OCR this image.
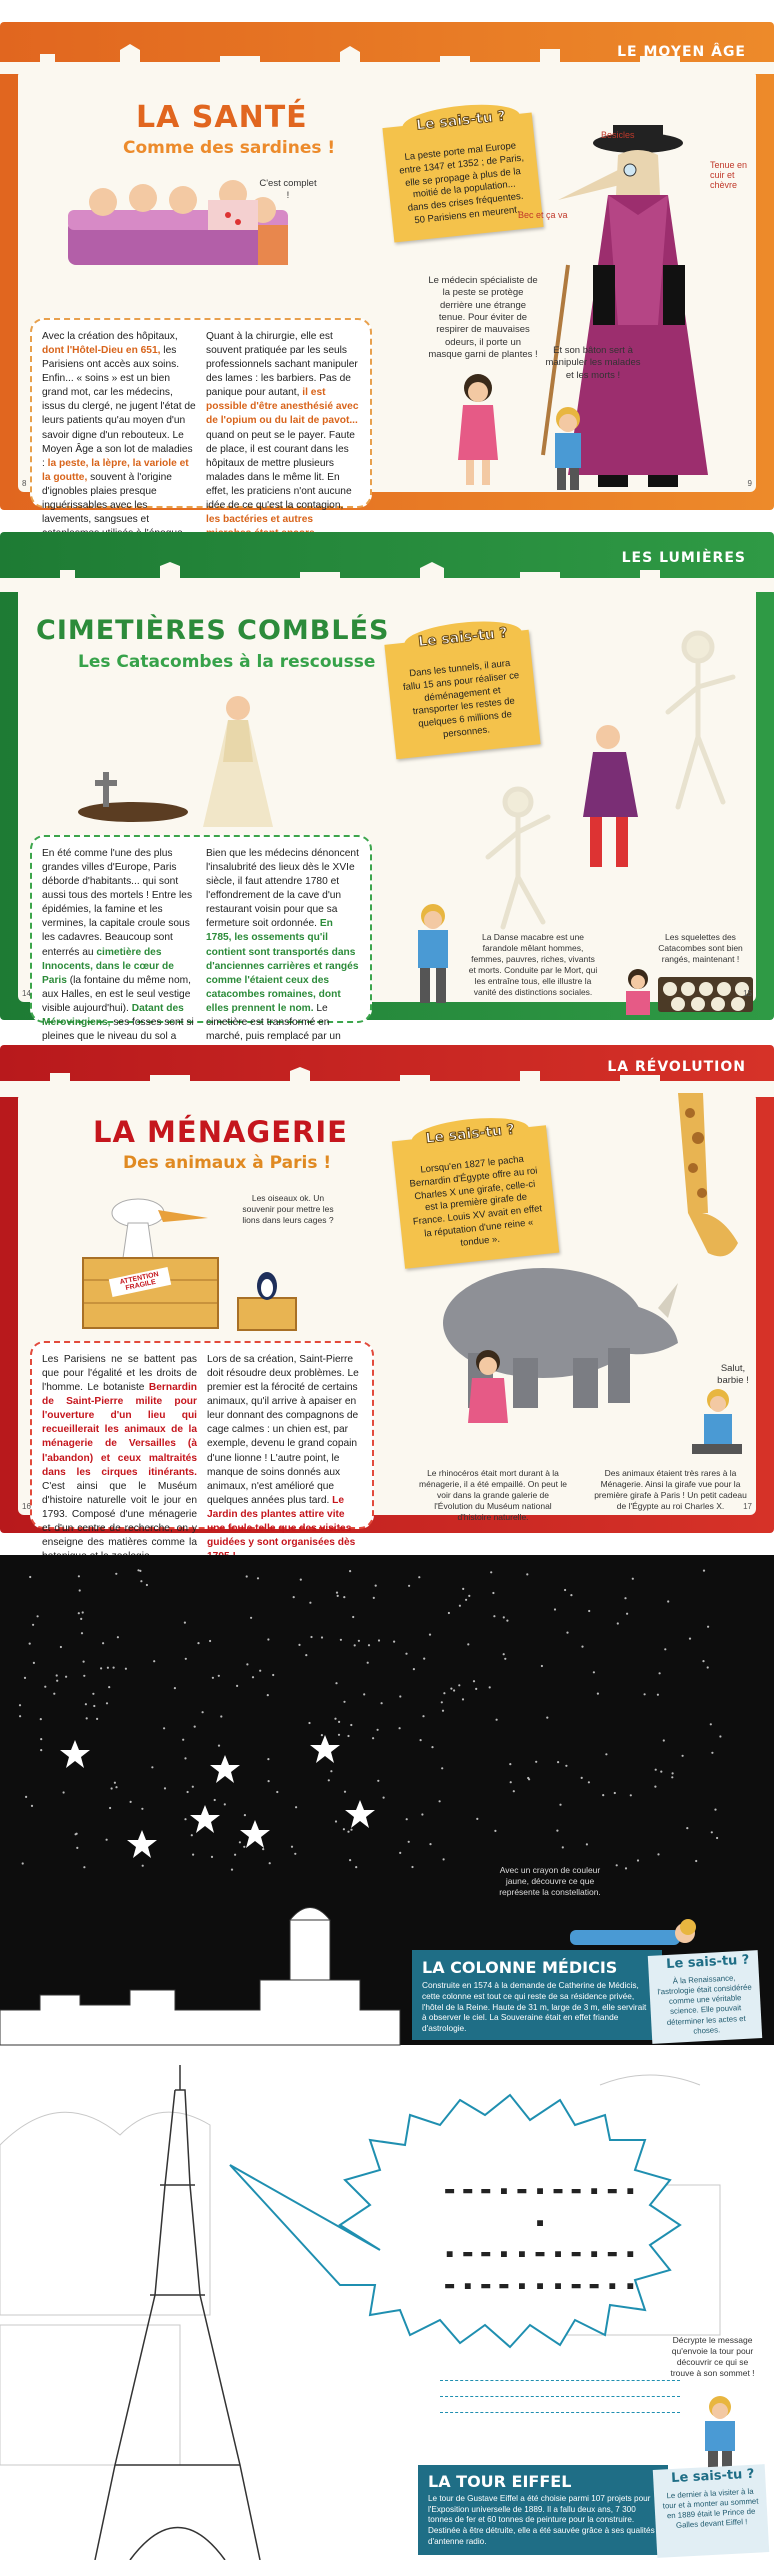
LE MOYEN ÂGE
LA SANTÉ
Comme des sardines !
C'est complet !
Avec la création des hôpitaux, dont l'Hôtel-Dieu en 651, les Parisiens ont accès aux soins. Enfin... « soins » est un bien grand mot, car les médecins, issus du clergé, ne jugent l'état de leurs patients qu'au moyen d'un savoir digne d'un rebouteux. Le Moyen Âge a son lot de maladies : la peste, la lèpre, la variole et la goutte, souvent à l'origine d'ignobles plaies presque inguérissables avec les lavements, sangsues et
Quant à la chirurgie, elle est souvent pratiquée par les seuls professionnels sachant manipuler des lames : les barbiers. Pas de panique pour autant, il est possible d'être anesthésié avec de l'opium ou du lait de pavot... quand on peut se le payer. Faute de place, il est courant dans les hôpitaux de mettre plusieurs malades dans le même lit. En effet, les praticiens n'ont aucune idée de ce qu'est la contagion, les bactéries et autres
Le sais-tu ?
La peste porte mal Europe entre 1347 et 1352 ; de Paris, elle se propage à plus de la moitié de la population... dans des crises fréquentes. 50 Parisiens en meurent.
Besicles
Tenue en cuir et chèvre
Bec et ça va
Le médecin spécialiste de la peste se protège derrière une étrange tenue. Pour éviter de respirer de mauvaises odeurs, il porte un masque garni de plantes !	Et son bâton sert à manipuler les malades et les morts !
8	9
LES LUMIÈRES
CIMETIÈRES COMBLÉS
Les Catacombes à la rescousse
En été comme l'une des plus grandes villes d'Europe, Paris déborde d'habitants... qui sont aussi tous des mortels ! Entre les épidémies, la famine et les vermines, la capitale croule sous les cadavres. Beaucoup sont enterrés au cimetière des Innocents, dans le cœur de Paris (la fontaine du même nom, aux Halles, en est le seul vestige visible aujourd'hui). Datant des Mérovingiens, ses fosses sont si pleines que le niveau du sol a
Bien que les médecins dénoncent l'insalubrité des lieux dès le XVIe siècle, il faut attendre 1780 et l'effondrement de la cave d'un restaurant voisin pour que sa fermeture soit ordonnée. En 1785, les ossements qu'il contient sont transportés dans d'anciennes carrières et rangés comme l'étaient ceux des catacombes romaines, dont elles prennent le nom. Le cimetière est transformé en marché, puis remplacé par un
Le sais-tu ?
Dans les tunnels, il aura fallu 15 ans pour réaliser ce déménagement et transporter les restes de quelques 6 millions de personnes.
La Danse macabre est une farandole mêlant hommes, femmes, pauvres, riches, vivants et morts. Conduite par le Mort, qui les entraîne tous, elle illustre la vanité des distinctions sociales.
Les squelettes des Catacombes sont bien rangés, maintenant !
14	15
LA RÉVOLUTION
LA MÉNAGERIE
Des animaux à Paris !
ATTENTION FRAGILE
Les oiseaux ok. Un souvenir pour mettre les lions dans leurs cages ?
Les Parisiens ne se battent pas que pour l'égalité et les droits de l'homme. Le botaniste Bernardin de Saint-Pierre milite pour l'ouverture d'un lieu qui recueillerait les animaux de la ménagerie de Versailles (à l'abandon) et ceux maltraités dans les cirques itinérants. C'est ainsi que le Muséum d'histoire naturelle voit le jour en 1793. Composé d'une ménagerie et d'un centre de recherche, on y enseigne des matières comme la
Lors de sa création, Saint-Pierre doit résoudre deux problèmes. Le premier est la férocité de certains animaux, qu'il arrive à apaiser en leur donnant des compagnons de cage calmes : un chien est, par exemple, devenu le grand copain d'une lionne ! L'autre point, le manque de soins donnés aux animaux, n'est amélioré que quelques années plus tard. Le Jardin des plantes attire vite une foule telle que des visites guidées y sont organisées dès
Le sais-tu ?
Lorsqu'en 1827 le pacha Bernardin d'Égypte offre au roi Charles X une girafe, celle-ci est la première girafe de France. Louis XV avait en effet la réputation d'une reine « tondue ».
Salut, barbie !
Le rhinocéros était mort durant à la ménagerie, il a été empaillé. On peut le voir dans la grande galerie de l'Évolution du Muséum national d'histoire naturelle.
Des animaux étaient très rares à la Ménagerie. Ainsi la girafe vue pour la première girafe à Paris ! Un petit cadeau de l'Égypte au roi Charles X.
16	17
Avec un crayon de couleur jaune, découvre ce que représente la constellation.
LA COLONNE MÉDICIS
Construite en 1574 à la demande de Catherine de Médicis, cette colonne est tout ce qui reste de sa résidence privée, l'hôtel de la Reine. Haute de 31 m, large de 3 m, elle servirait à observer le ciel. La Souveraine était en effet friande d'astrologie.
Le sais-tu ?
À la Renaissance, l'astrologie était considérée comme une véritable science. Elle pouvait déterminer les actes et choses.
▬ ▬ ▬ ▪ ▬ ▪ ▬ ▬ ▪ ▬ ▪ ▪
▪ ▬ ▬ ▪ ▪ ▬ ▪ ▬ ▪ ▬ ▪
▬ ▪ ▬ ▬ ▪ ▪ ▪ ▬ ▬ ▪ ▪
Décrypte le message qu'envoie la tour pour découvrir ce qui se trouve à son sommet !
LA TOUR EIFFEL
Le tour de Gustave Eiffel a été choisie parmi 107 projets pour l'Exposition universelle de 1889. Il a fallu deux ans, 7 300 tonnes de fer et 60 tonnes de peinture pour la construire. Destinée à être détruite, elle a été sauvée grâce à ses qualités d'antenne radio.
Le sais-tu ?
Le dernier à la visiter à la tour et à monter au sommet en 1889 était le Prince de Galles devant Eiffel !
